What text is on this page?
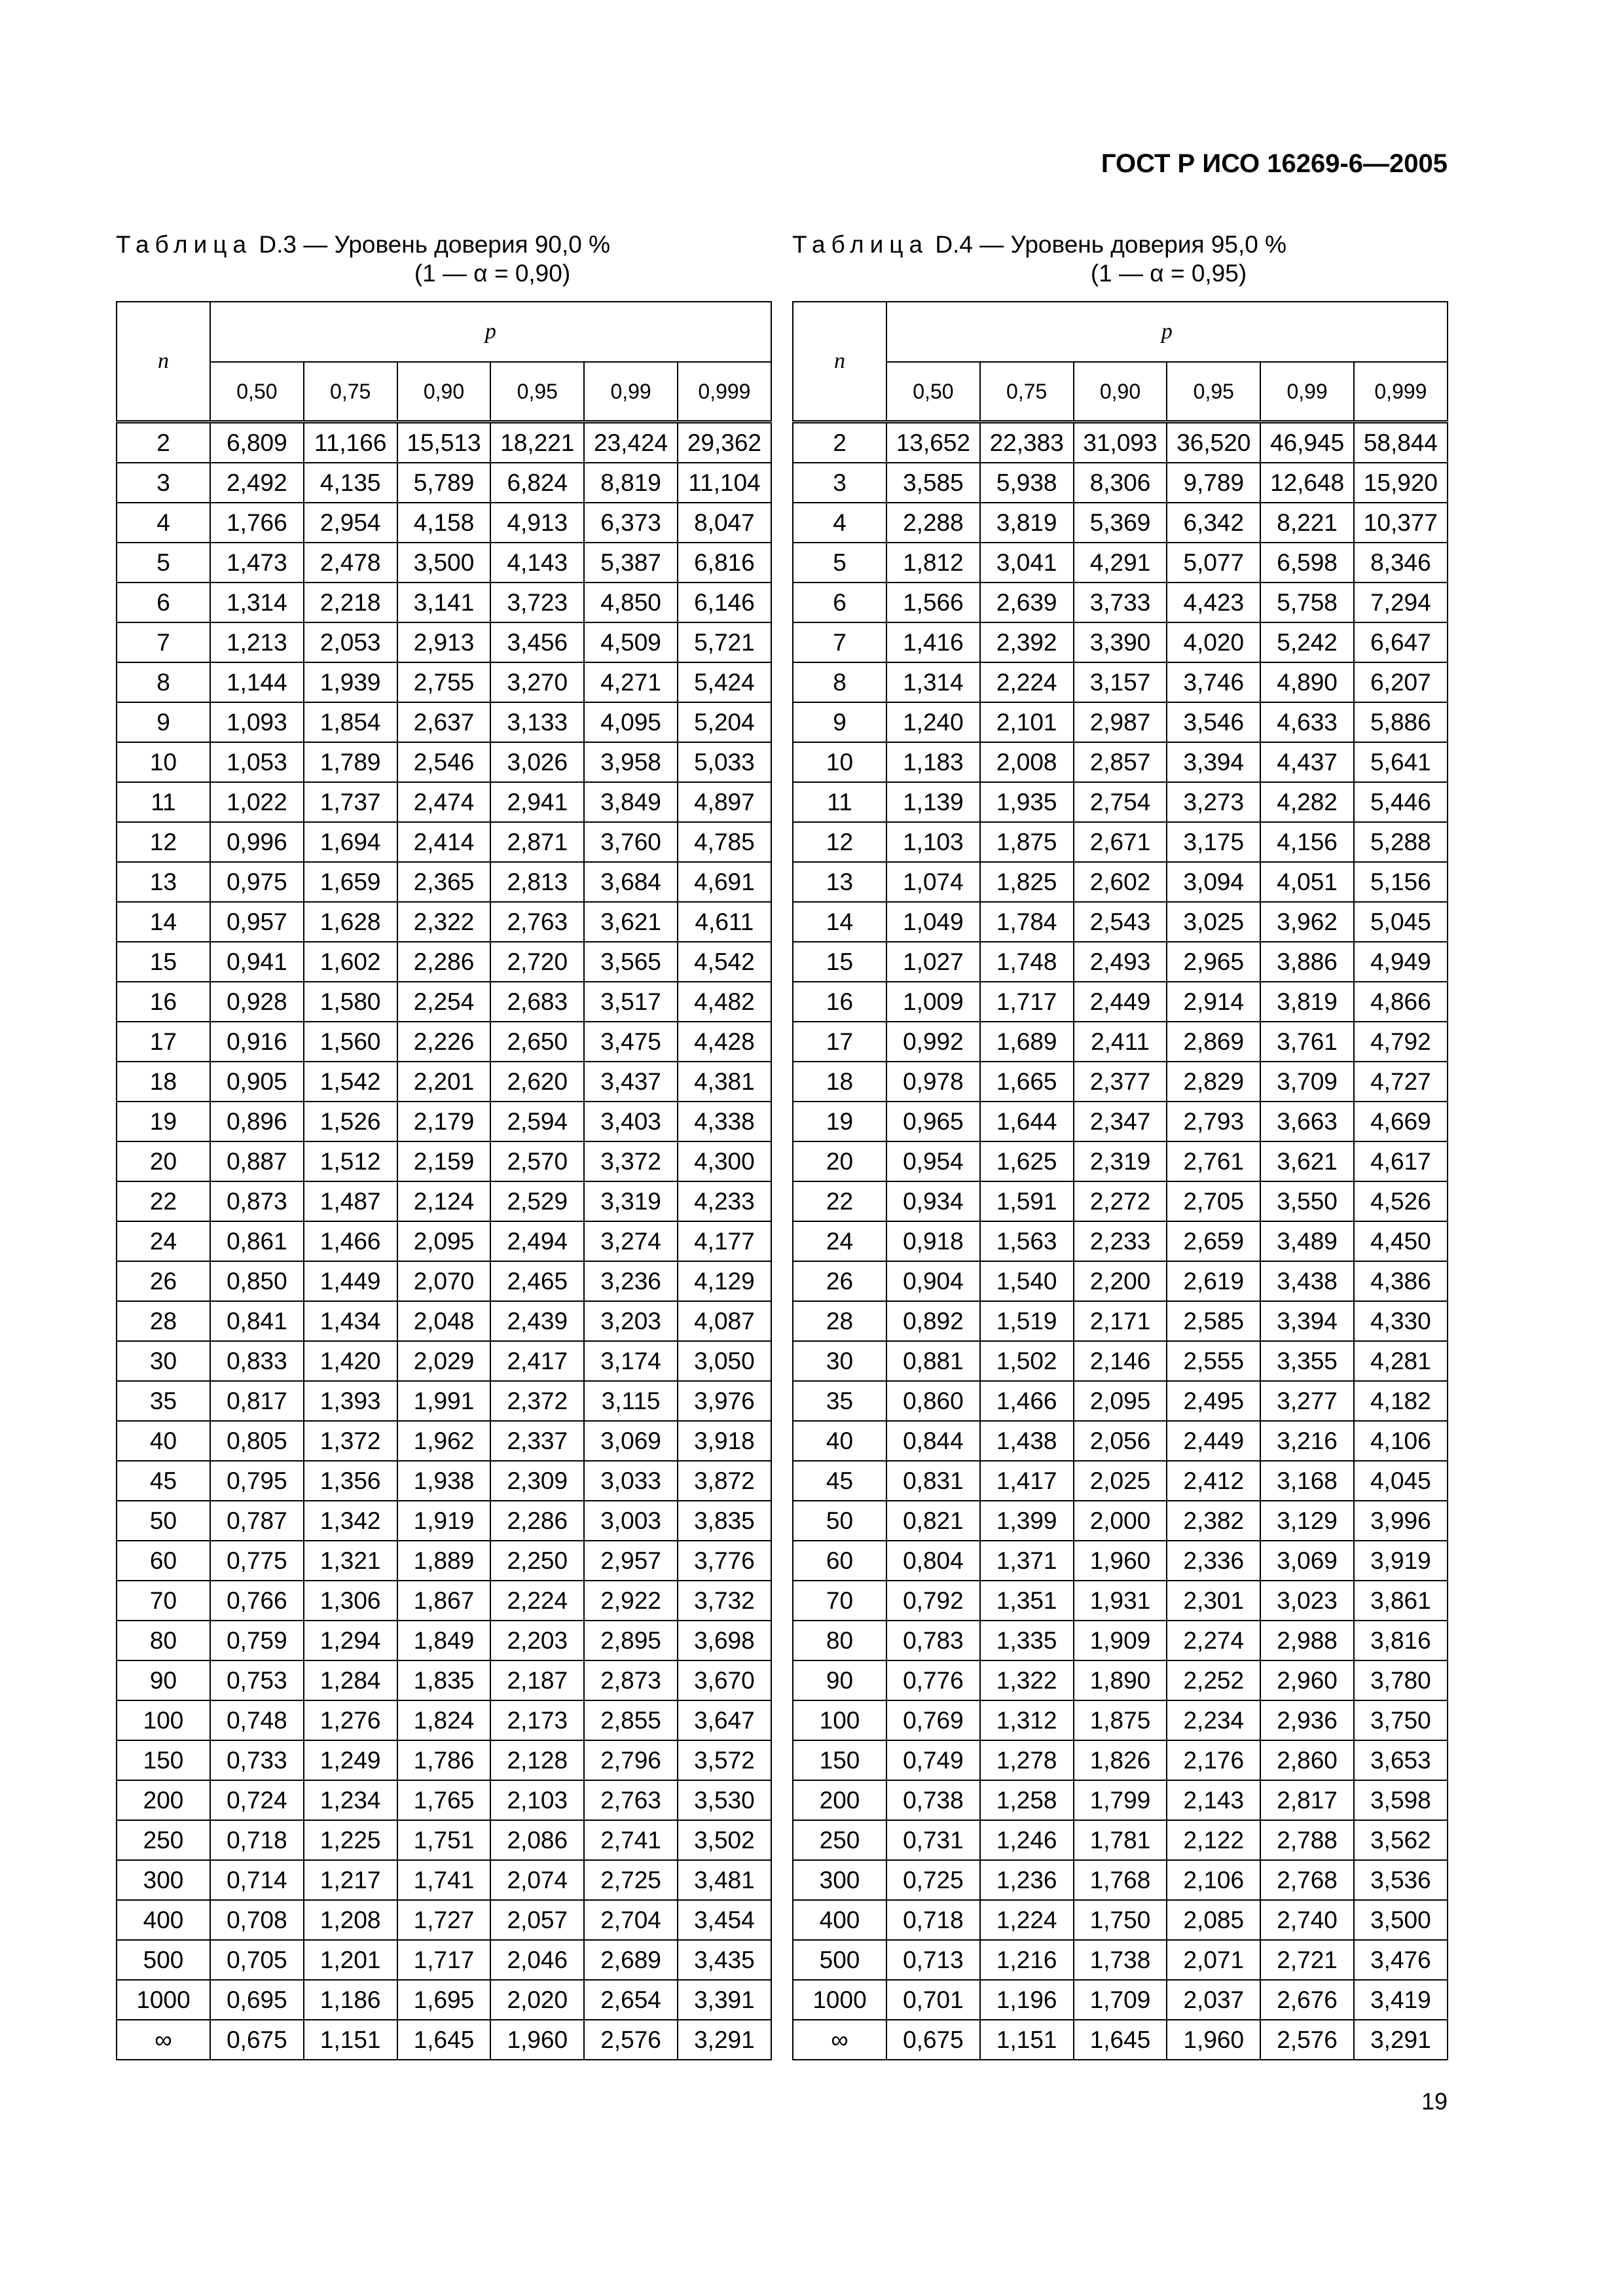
ГОСТ Р ИСО 16269-6—2005
Таблица D.3 — Уровень доверия 90,0 %
(1 — α = 0,90)
n	p					
	0,50	0,75	0,90	0,95	0,99	0,999
2	6,809	11,166	15,513	18,221	23,424	29,362
3	2,492	4,135	5,789	6,824	8,819	11,104
4	1,766	2,954	4,158	4,913	6,373	8,047
5	1,473	2,478	3,500	4,143	5,387	6,816
6	1,314	2,218	3,141	3,723	4,850	6,146
7	1,213	2,053	2,913	3,456	4,509	5,721
8	1,144	1,939	2,755	3,270	4,271	5,424
9	1,093	1,854	2,637	3,133	4,095	5,204
10	1,053	1,789	2,546	3,026	3,958	5,033
11	1,022	1,737	2,474	2,941	3,849	4,897
12	0,996	1,694	2,414	2,871	3,760	4,785
13	0,975	1,659	2,365	2,813	3,684	4,691
14	0,957	1,628	2,322	2,763	3,621	4,611
15	0,941	1,602	2,286	2,720	3,565	4,542
16	0,928	1,580	2,254	2,683	3,517	4,482
17	0,916	1,560	2,226	2,650	3,475	4,428
18	0,905	1,542	2,201	2,620	3,437	4,381
19	0,896	1,526	2,179	2,594	3,403	4,338
20	0,887	1,512	2,159	2,570	3,372	4,300
22	0,873	1,487	2,124	2,529	3,319	4,233
24	0,861	1,466	2,095	2,494	3,274	4,177
26	0,850	1,449	2,070	2,465	3,236	4,129
28	0,841	1,434	2,048	2,439	3,203	4,087
30	0,833	1,420	2,029	2,417	3,174	3,050
35	0,817	1,393	1,991	2,372	3,115	3,976
40	0,805	1,372	1,962	2,337	3,069	3,918
45	0,795	1,356	1,938	2,309	3,033	3,872
50	0,787	1,342	1,919	2,286	3,003	3,835
60	0,775	1,321	1,889	2,250	2,957	3,776
70	0,766	1,306	1,867	2,224	2,922	3,732
80	0,759	1,294	1,849	2,203	2,895	3,698
90	0,753	1,284	1,835	2,187	2,873	3,670
100	0,748	1,276	1,824	2,173	2,855	3,647
150	0,733	1,249	1,786	2,128	2,796	3,572
200	0,724	1,234	1,765	2,103	2,763	3,530
250	0,718	1,225	1,751	2,086	2,741	3,502
300	0,714	1,217	1,741	2,074	2,725	3,481
400	0,708	1,208	1,727	2,057	2,704	3,454
500	0,705	1,201	1,717	2,046	2,689	3,435
1000	0,695	1,186	1,695	2,020	2,654	3,391
∞	0,675	1,151	1,645	1,960	2,576	3,291
Таблица D.4 — Уровень доверия 95,0 %
(1 — α = 0,95)
n	p					
	0,50	0,75	0,90	0,95	0,99	0,999
2	13,652	22,383	31,093	36,520	46,945	58,844
3	3,585	5,938	8,306	9,789	12,648	15,920
4	2,288	3,819	5,369	6,342	8,221	10,377
5	1,812	3,041	4,291	5,077	6,598	8,346
6	1,566	2,639	3,733	4,423	5,758	7,294
7	1,416	2,392	3,390	4,020	5,242	6,647
8	1,314	2,224	3,157	3,746	4,890	6,207
9	1,240	2,101	2,987	3,546	4,633	5,886
10	1,183	2,008	2,857	3,394	4,437	5,641
11	1,139	1,935	2,754	3,273	4,282	5,446
12	1,103	1,875	2,671	3,175	4,156	5,288
13	1,074	1,825	2,602	3,094	4,051	5,156
14	1,049	1,784	2,543	3,025	3,962	5,045
15	1,027	1,748	2,493	2,965	3,886	4,949
16	1,009	1,717	2,449	2,914	3,819	4,866
17	0,992	1,689	2,411	2,869	3,761	4,792
18	0,978	1,665	2,377	2,829	3,709	4,727
19	0,965	1,644	2,347	2,793	3,663	4,669
20	0,954	1,625	2,319	2,761	3,621	4,617
22	0,934	1,591	2,272	2,705	3,550	4,526
24	0,918	1,563	2,233	2,659	3,489	4,450
26	0,904	1,540	2,200	2,619	3,438	4,386
28	0,892	1,519	2,171	2,585	3,394	4,330
30	0,881	1,502	2,146	2,555	3,355	4,281
35	0,860	1,466	2,095	2,495	3,277	4,182
40	0,844	1,438	2,056	2,449	3,216	4,106
45	0,831	1,417	2,025	2,412	3,168	4,045
50	0,821	1,399	2,000	2,382	3,129	3,996
60	0,804	1,371	1,960	2,336	3,069	3,919
70	0,792	1,351	1,931	2,301	3,023	3,861
80	0,783	1,335	1,909	2,274	2,988	3,816
90	0,776	1,322	1,890	2,252	2,960	3,780
100	0,769	1,312	1,875	2,234	2,936	3,750
150	0,749	1,278	1,826	2,176	2,860	3,653
200	0,738	1,258	1,799	2,143	2,817	3,598
250	0,731	1,246	1,781	2,122	2,788	3,562
300	0,725	1,236	1,768	2,106	2,768	3,536
400	0,718	1,224	1,750	2,085	2,740	3,500
500	0,713	1,216	1,738	2,071	2,721	3,476
1000	0,701	1,196	1,709	2,037	2,676	3,419
∞	0,675	1,151	1,645	1,960	2,576	3,291
19
